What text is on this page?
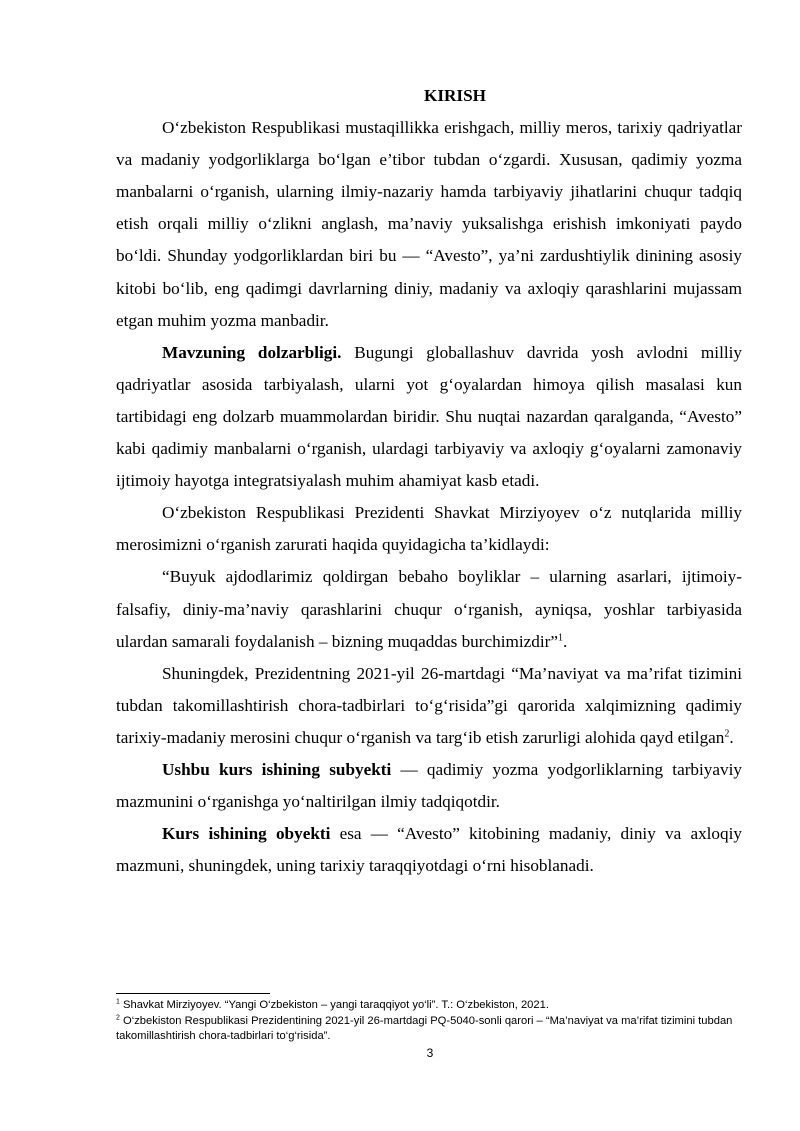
KIRISH

O‘zbekiston Respublikasi mustaqillikka erishgach, milliy meros, tarixiy qadriyatlar va madaniy yodgorliklarga bo‘lgan e’tibor tubdan o‘zgardi. Xususan, qadimiy yozma manbalarni o‘rganish, ularning ilmiy-nazariy hamda tarbiyaviy jihatlarini chuqur tadqiq etish orqali milliy o‘zlikni anglash, ma’naviy yuksalishga erishish imkoniyati paydo bo‘ldi. Shunday yodgorliklardan biri bu — “Avesto”, ya’ni zardushtiylik dinining asosiy kitobi bo‘lib, eng qadimgi davrlarning diniy, madaniy va axloqiy qarashlarini mujassam etgan muhim yozma manbadir.

Mavzuning dolzarbligi. Bugungi globallashuv davrida yosh avlodni milliy qadriyatlar asosida tarbiyalash, ularni yot g‘oyalardan himoya qilish masalasi kun tartibidagi eng dolzarb muammolardan biridir. Shu nuqtai nazardan qaralganda, “Avesto” kabi qadimiy manbalarni o‘rganish, ulardagi tarbiyaviy va axloqiy g‘oyalarni zamonaviy ijtimoiy hayotga integratsiyalash muhim ahamiyat kasb etadi.

O‘zbekiston Respublikasi Prezidenti Shavkat Mirziyoyev o‘z nutqlarida milliy merosimizni o‘rganish zarurati haqida quyidagicha ta’kidlaydi:

“Buyuk ajdodlarimiz qoldirgan bebaho boyliklar – ularning asarlari, ijtimoiy-falsafiy, diniy-ma’naviy qarashlarini chuqur o‘rganish, ayniqsa, yoshlar tarbiyasida ulardan samarali foydalanish – bizning muqaddas burchimizdir”$^1$.

Shuningdek, Prezidentning 2021-yil 26-martdagi “Ma’naviyat va ma’rifat tizimini tubdan takomillashtirish chora-tadbirlari to‘g‘risida”gi qarorida xalqimizning qadimiy tarixiy-madaniy merosini chuqur o‘rganish va targ‘ib etish zarurligi alohida qayd etilgan$^2$.

Ushbu kurs ishining subyekti — qadimiy yozma yodgorliklarning tarbiyaviy mazmunini o‘rganishga yo‘naltirilgan ilmiy tadqiqotdir.

Kurs ishining obyekti esa — “Avesto” kitobining madaniy, diniy va axloqiy mazmuni, shuningdek, uning tarixiy taraqqiyotdagi o‘rni hisoblanadi.

$^1$ Shavkat Mirziyoyev. “Yangi O‘zbekiston – yangi taraqqiyot yo‘li”. T.: O‘zbekiston, 2021.

$^2$ O‘zbekiston Respublikasi Prezidentining 2021-yil 26-martdagi PQ-5040-sonli qarori – “Ma’naviyat va ma’rifat tizimini tubdan takomillashtirish chora-tadbirlari to‘g‘risida”.

3
